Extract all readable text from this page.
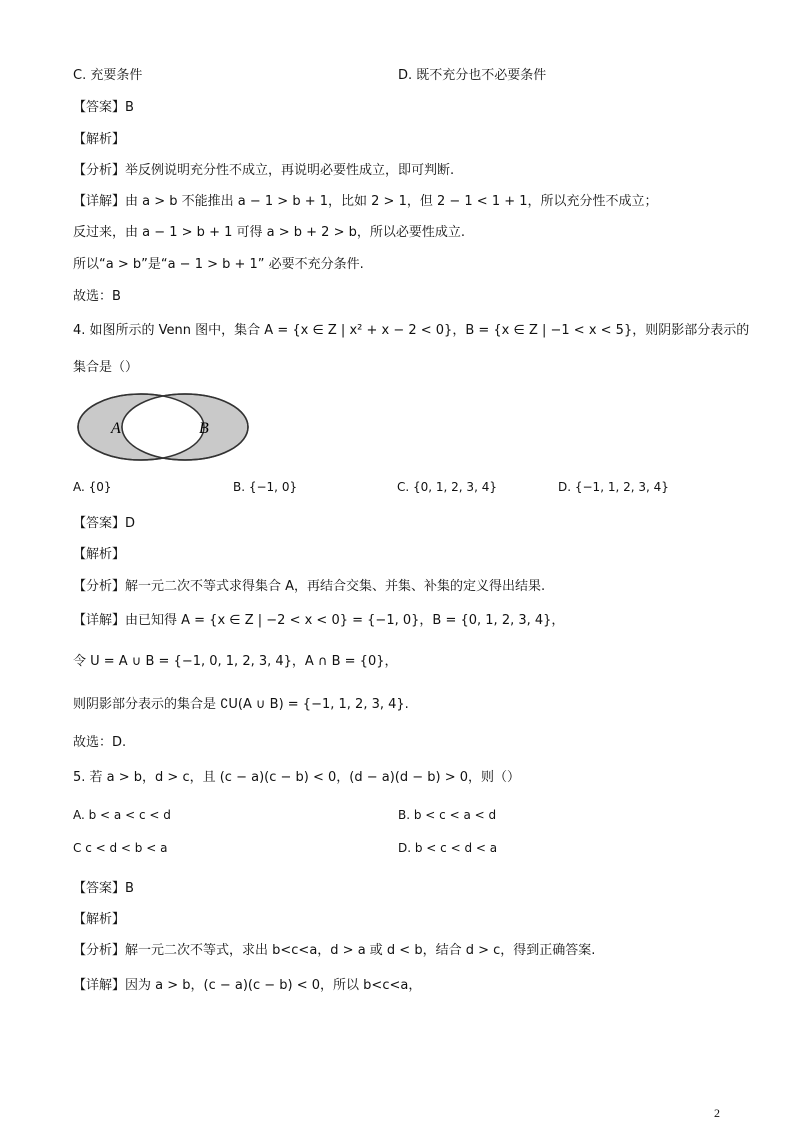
C. 充要条件	D. 既不充分也不必要条件
【答案】B
【解析】
【分析】举反例说明充分性不成立，再说明必要性成立，即可判断.
【详解】由 a > b 不能推出 a − 1 > b + 1，比如 2 > 1，但 2 − 1 < 1 + 1，所以充分性不成立；
反过来，由 a − 1 > b + 1 可得 a > b + 2 > b，所以必要性成立.
所以“a > b”是“a − 1 > b + 1” 必要不充分条件.
故选：B
4. 如图所示的 Venn 图中，集合 A = {x ∈ Z | x² + x − 2 < 0}，B = {x ∈ Z | −1 < x < 5}，则阴影部分表示的
集合是（）
A	B
A. {0}	B. {−1, 0}	C. {0, 1, 2, 3, 4}	D. {−1, 1, 2, 3, 4}
【答案】D
【解析】
【分析】解一元二次不等式求得集合 A，再结合交集、并集、补集的定义得出结果.
【详解】由已知得 A = {x ∈ Z | −2 < x < 0} = {−1, 0}，B = {0, 1, 2, 3, 4}，
令 U = A ∪ B = {−1, 0, 1, 2, 3, 4}，A ∩ B = {0}，
则阴影部分表示的集合是 ∁U(A ∪ B) = {−1, 1, 2, 3, 4}.
故选：D.
5. 若 a > b，d > c，且 (c − a)(c − b) < 0，(d − a)(d − b) > 0，则（）
A. b < a < c < d	B. b < c < a < d
C c < d < b < a	D. b < c < d < a
【答案】B
【解析】
【分析】解一元二次不等式，求出 b<c<a，d > a 或 d < b，结合 d > c，得到正确答案.
【详解】因为 a > b，(c − a)(c − b) < 0，所以 b<c<a，
2
